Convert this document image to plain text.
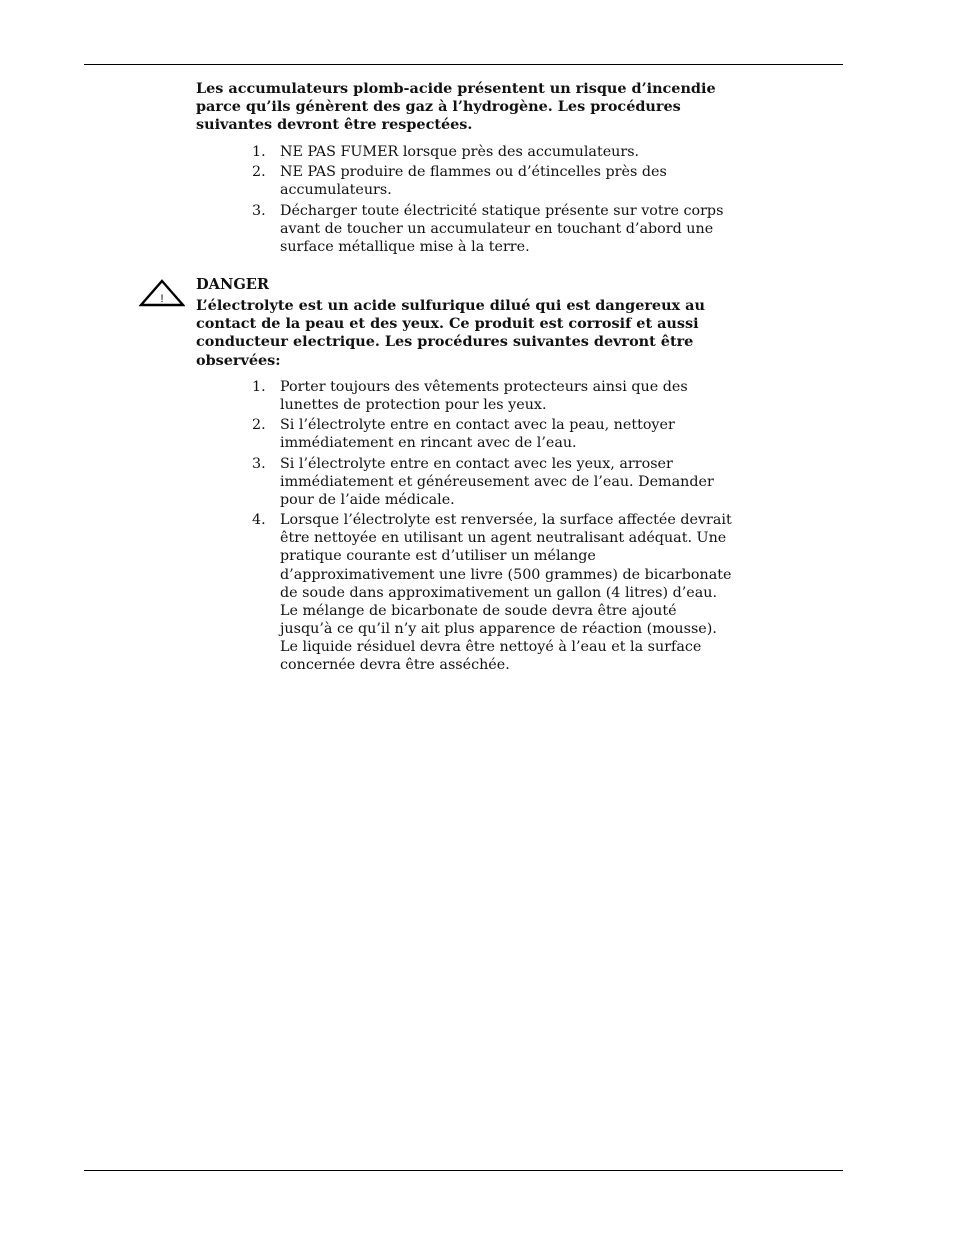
Les accumulateurs plomb-acide présentent un risque d’incendie parce qu’ils génèrent des gaz à l’hydrogène. Les procédures suivantes devront être respectées.

1. NE PAS FUMER lorsque près des accumulateurs.
2. NE PAS produire de flammes ou d’étincelles près des accumulateurs.
3. Décharger toute électricité statique présente sur votre corps avant de toucher un accumulateur en touchant d’abord une surface métallique mise à la terre.
!

DANGER

L’électrolyte est un acide sulfurique dilué qui est dangereux au contact de la peau et des yeux. Ce produit est corrosif et aussi conducteur electrique. Les procédures suivantes devront être observées:

1. Porter toujours des vêtements protecteurs ainsi que des lunettes de protection pour les yeux.
2. Si l’électrolyte entre en contact avec la peau, nettoyer immédiatement en rincant avec de l’eau.
3. Si l’électrolyte entre en contact avec les yeux, arroser immédiatement et généreusement avec de l’eau. Demander pour de l’aide médicale.
4. Lorsque l’électrolyte est renversée, la surface affectée devrait être nettoyée en utilisant un agent neutralisant adéquat. Une pratique courante est d’utiliser un mélange d’approximativement une livre (500 grammes) de bicarbonate de soude dans approximativement un gallon (4 litres) d’eau. Le mélange de bicarbonate de soude devra être ajouté jusqu’à ce qu’il n’y ait plus apparence de réaction (mousse). Le liquide résiduel devra être nettoyé à l’eau et la surface concernée devra être asséchée.
